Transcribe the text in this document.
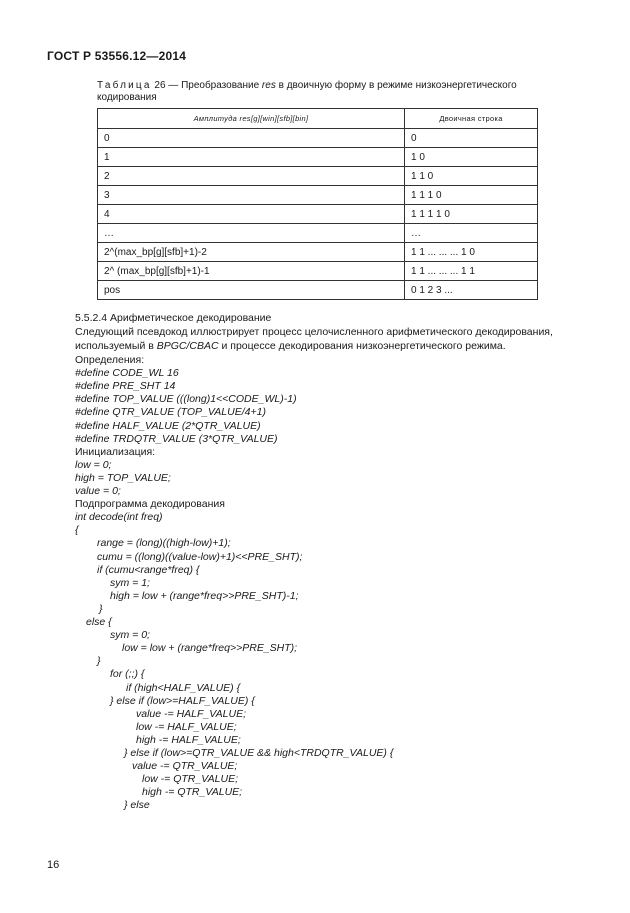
ГОСТ Р 53556.12—2014
Таблица 26 — Преобразование res в двоичную форму в режиме низкоэнергетического кодирования
Амплитуда res[g][win][sfb][bin]	Двоичная строка
0	0
1	1 0
2	1 1 0
3	1 1 1 0
4	1 1 1 1 0
…	…
2^(max_bp[g][sfb]+1)-2	1 1 ... ... ... 1 0
2^ (max_bp[g][sfb]+1)-1	1 1 ... ... ... 1 1
pos	0 1 2 3 ...
5.5.2.4 Арифметическое декодирование
Следующий псевдокод иллюстрирует процесс целочисленного арифметического декодирования,
используемый в BPGC/CBAC и процессе декодирования низкоэнергетического режима.
Определения:
#define CODE_WL 16
#define PRE_SHT 14
#define TOP_VALUE (((long)1<<CODE_WL)-1)
#define QTR_VALUE (TOP_VALUE/4+1)
#define HALF_VALUE (2*QTR_VALUE)
#define TRDQTR_VALUE (3*QTR_VALUE)
Инициализация:
low = 0;
high = TOP_VALUE;
value = 0;
Подпрограмма декодирования
int decode(int freq)
{
range = (long)((high-low)+1);
cumu = ((long)((value-low)+1)<<PRE_SHT);
if (cumu<range*freq) {
sym = 1;
high = low + (range*freq>>PRE_SHT)-1;
}
else {
sym = 0;
low = low + (range*freq>>PRE_SHT);
}
for (;;) {
if (high<HALF_VALUE) {
} else if (low>=HALF_VALUE) {
value -= HALF_VALUE;
low -= HALF_VALUE;
high -= HALF_VALUE;
} else if (low>=QTR_VALUE && high<TRDQTR_VALUE) {
value -= QTR_VALUE;
low -= QTR_VALUE;
high -= QTR_VALUE;
} else
16
